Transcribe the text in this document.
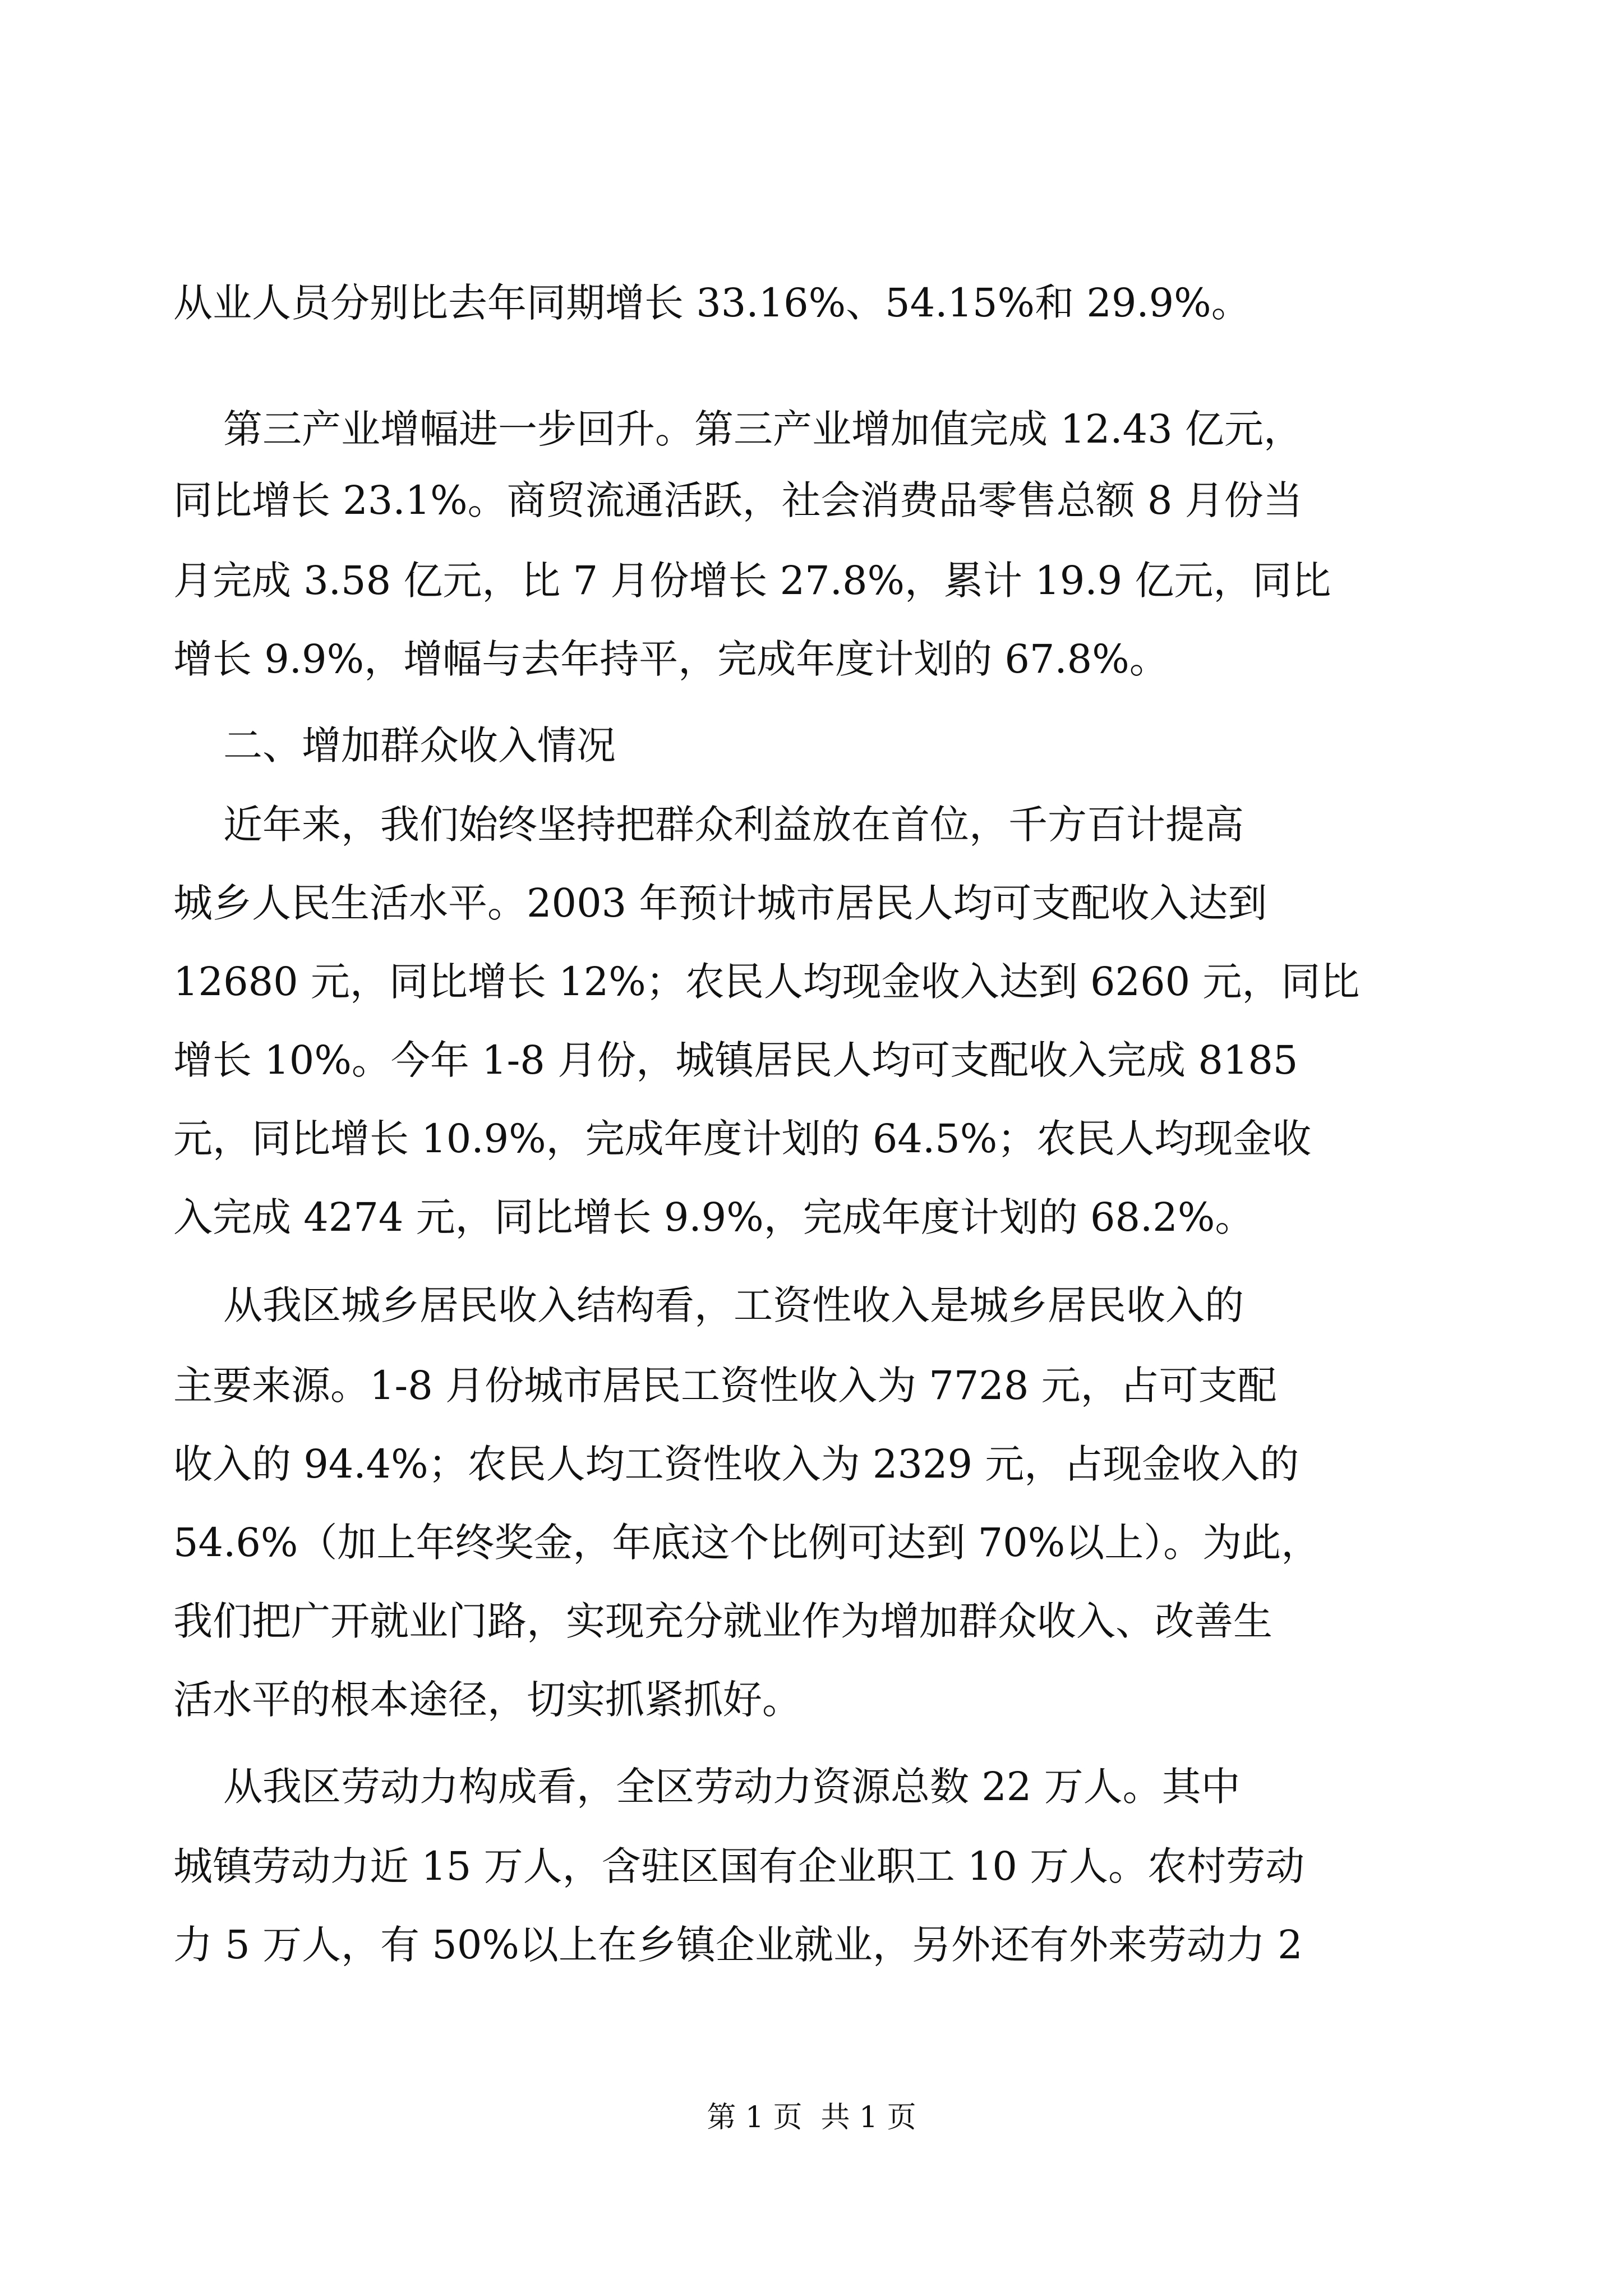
从业人员分别比去年同期增长 33.16%、54.15%和 29.9%。
第三产业增幅进一步回升。第三产业增加值完成 12.43 亿元，
同比增长 23.1%。商贸流通活跃，社会消费品零售总额 8 月份当
月完成 3.58 亿元，比 7 月份增长 27.8%，累计 19.9 亿元，同比
增长 9.9%，增幅与去年持平，完成年度计划的 67.8%。
二、增加群众收入情况
近年来，我们始终坚持把群众利益放在首位，千方百计提高
城乡人民生活水平。2003 年预计城市居民人均可支配收入达到
12680 元，同比增长 12%；农民人均现金收入达到 6260 元，同比
增长 10%。今年 1-8 月份，城镇居民人均可支配收入完成 8185
元，同比增长 10.9%，完成年度计划的 64.5%；农民人均现金收
入完成 4274 元，同比增长 9.9%，完成年度计划的 68.2%。
从我区城乡居民收入结构看，工资性收入是城乡居民收入的
主要来源。1-8 月份城市居民工资性收入为 7728 元，占可支配
收入的 94.4%；农民人均工资性收入为 2329 元，占现金收入的
54.6%（加上年终奖金，年底这个比例可达到 70%以上）。为此，
我们把广开就业门路，实现充分就业作为增加群众收入、改善生
活水平的根本途径，切实抓紧抓好。
从我区劳动力构成看，全区劳动力资源总数 22 万人。其中
城镇劳动力近 15 万人，含驻区国有企业职工 10 万人。农村劳动
力 5 万人，有 50%以上在乡镇企业就业，另外还有外来劳动力 2
第 1 页  共 1 页
